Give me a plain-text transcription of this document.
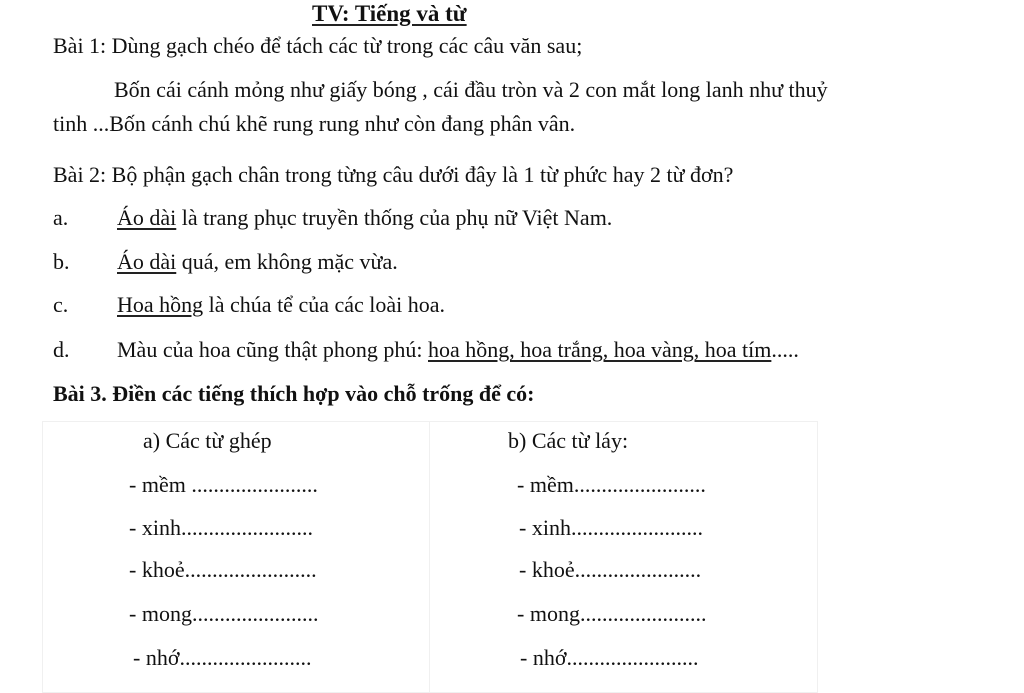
TV: Tiếng và từ
Bài 1: Dùng gạch chéo để tách các từ trong các câu văn sau;
Bốn cái cánh mỏng như giấy bóng , cái đầu tròn và 2 con mắt long lanh như thuỷ
tinh ...Bốn cánh chú khẽ rung rung như còn đang phân vân.
Bài 2: Bộ phận gạch chân trong từng câu dưới đây là 1 từ phức hay 2 từ đơn?
a. Áo dài là trang phục truyền thống của phụ nữ Việt Nam.
b. Áo dài quá, em không mặc vừa.
c. Hoa hồng là chúa tể của các loài hoa.
d. Màu của hoa cũng thật phong phú: hoa hồng, hoa trắng, hoa vàng, hoa tím.....
Bài 3. Điền các tiếng thích hợp vào chỗ trống để có:
a) Các từ ghép	b) Các từ láy:
- mềm .......................
- xinh........................
- khoẻ........................
- mong.......................
- nhớ........................
- mềm........................
- xinh........................
- khoẻ.......................
- mong.......................
- nhớ........................
